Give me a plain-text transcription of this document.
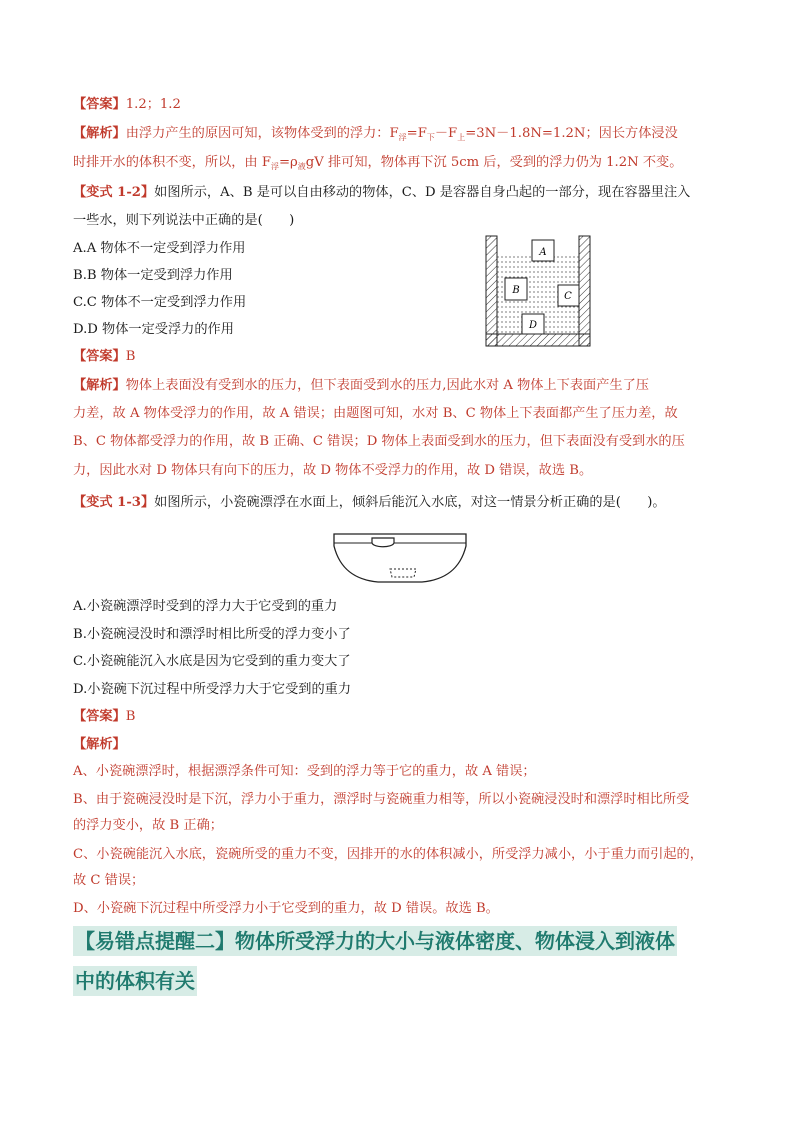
【答案】1.2；1.2
【解析】由浮力产生的原因可知，该物体受到的浮力：$F_浮=F_下-F_上=3N-1.8N=1.2N$；因长方体浸没
时排开水的体积不变，所以，由 $F_浮=\rho_液gV$ 排可知，物体再下沉 5cm 后，受到的浮力仍为 1.2N 不变。
【变式 1-2】如图所示，A、B 是可以自由移动的物体，C、D 是容器自身凸起的一部分，现在容器里注入
一些水，则下列说法中正确的是(　　)
A.A 物体不一定受到浮力作用
B.B 物体一定受到浮力作用
C.C 物体不一定受到浮力作用
D.D 物体一定受浮力的作用
A
B
C
D
【答案】B
【解析】物体上表面没有受到水的压力，但下表面受到水的压力,因此水对 A 物体上下表面产生了压
力差，故 A 物体受浮力的作用，故 A 错误；由题图可知，水对 B、C 物体上下表面都产生了压力差，故
B、C 物体都受浮力的作用，故 B 正确、C 错误；D 物体上表面受到水的压力，但下表面没有受到水的压
力，因此水对 D 物体只有向下的压力，故 D 物体不受浮力的作用，故 D 错误，故选 B。
【变式 1-3】如图所示，小瓷碗漂浮在水面上，倾斜后能沉入水底，对这一情景分析正确的是(　　)。
A.小瓷碗漂浮时受到的浮力大于它受到的重力
B.小瓷碗浸没时和漂浮时相比所受的浮力变小了
C.小瓷碗能沉入水底是因为它受到的重力变大了
D.小瓷碗下沉过程中所受浮力大于它受到的重力
【答案】B
【解析】
A、小瓷碗漂浮时，根据漂浮条件可知：受到的浮力等于它的重力，故 A 错误；
B、由于瓷碗浸没时是下沉，浮力小于重力，漂浮时与瓷碗重力相等，所以小瓷碗浸没时和漂浮时相比所受
的浮力变小，故 B 正确；
C、小瓷碗能沉入水底，瓷碗所受的重力不变，因排开的水的体积减小，所受浮力减小，小于重力而引起的，
故 C 错误；
D、小瓷碗下沉过程中所受浮力小于它受到的重力，故 D 错误。故选 B。
【易错点提醒二】物体所受浮力的大小与液体密度、物体浸入到液体
中的体积有关
